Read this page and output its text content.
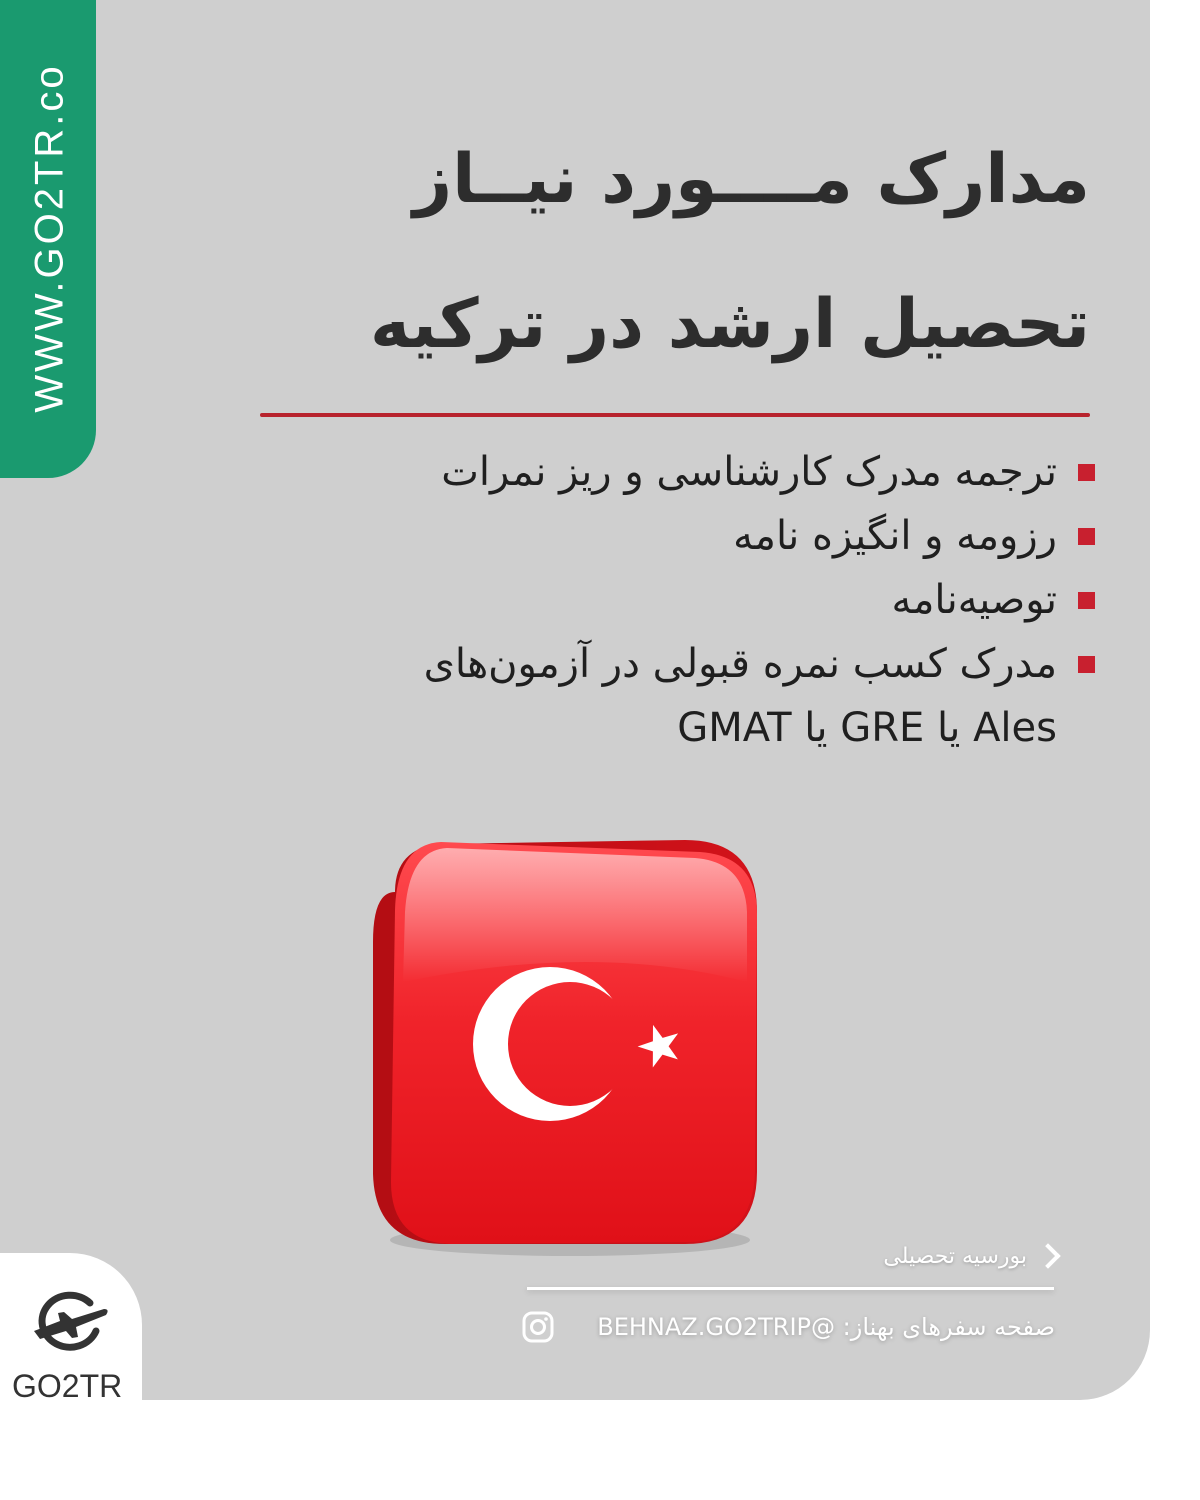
WWW.GO2TR.co	مدارک مــــورد نیــاز
تحصیل ارشد در ترکیه
ترجمه مدرک کارشناسی و ریز نمرات
رزومه و انگیزه نامه
توصیه‌نامه
مدرک کسب نمره قبولی در آزمون‌های Ales یا GRE یا GMAT
بورسیه تحصیلی
صفحه سفرهای بهناز: @BEHNAZ.GO2TRIP
GO2TR
